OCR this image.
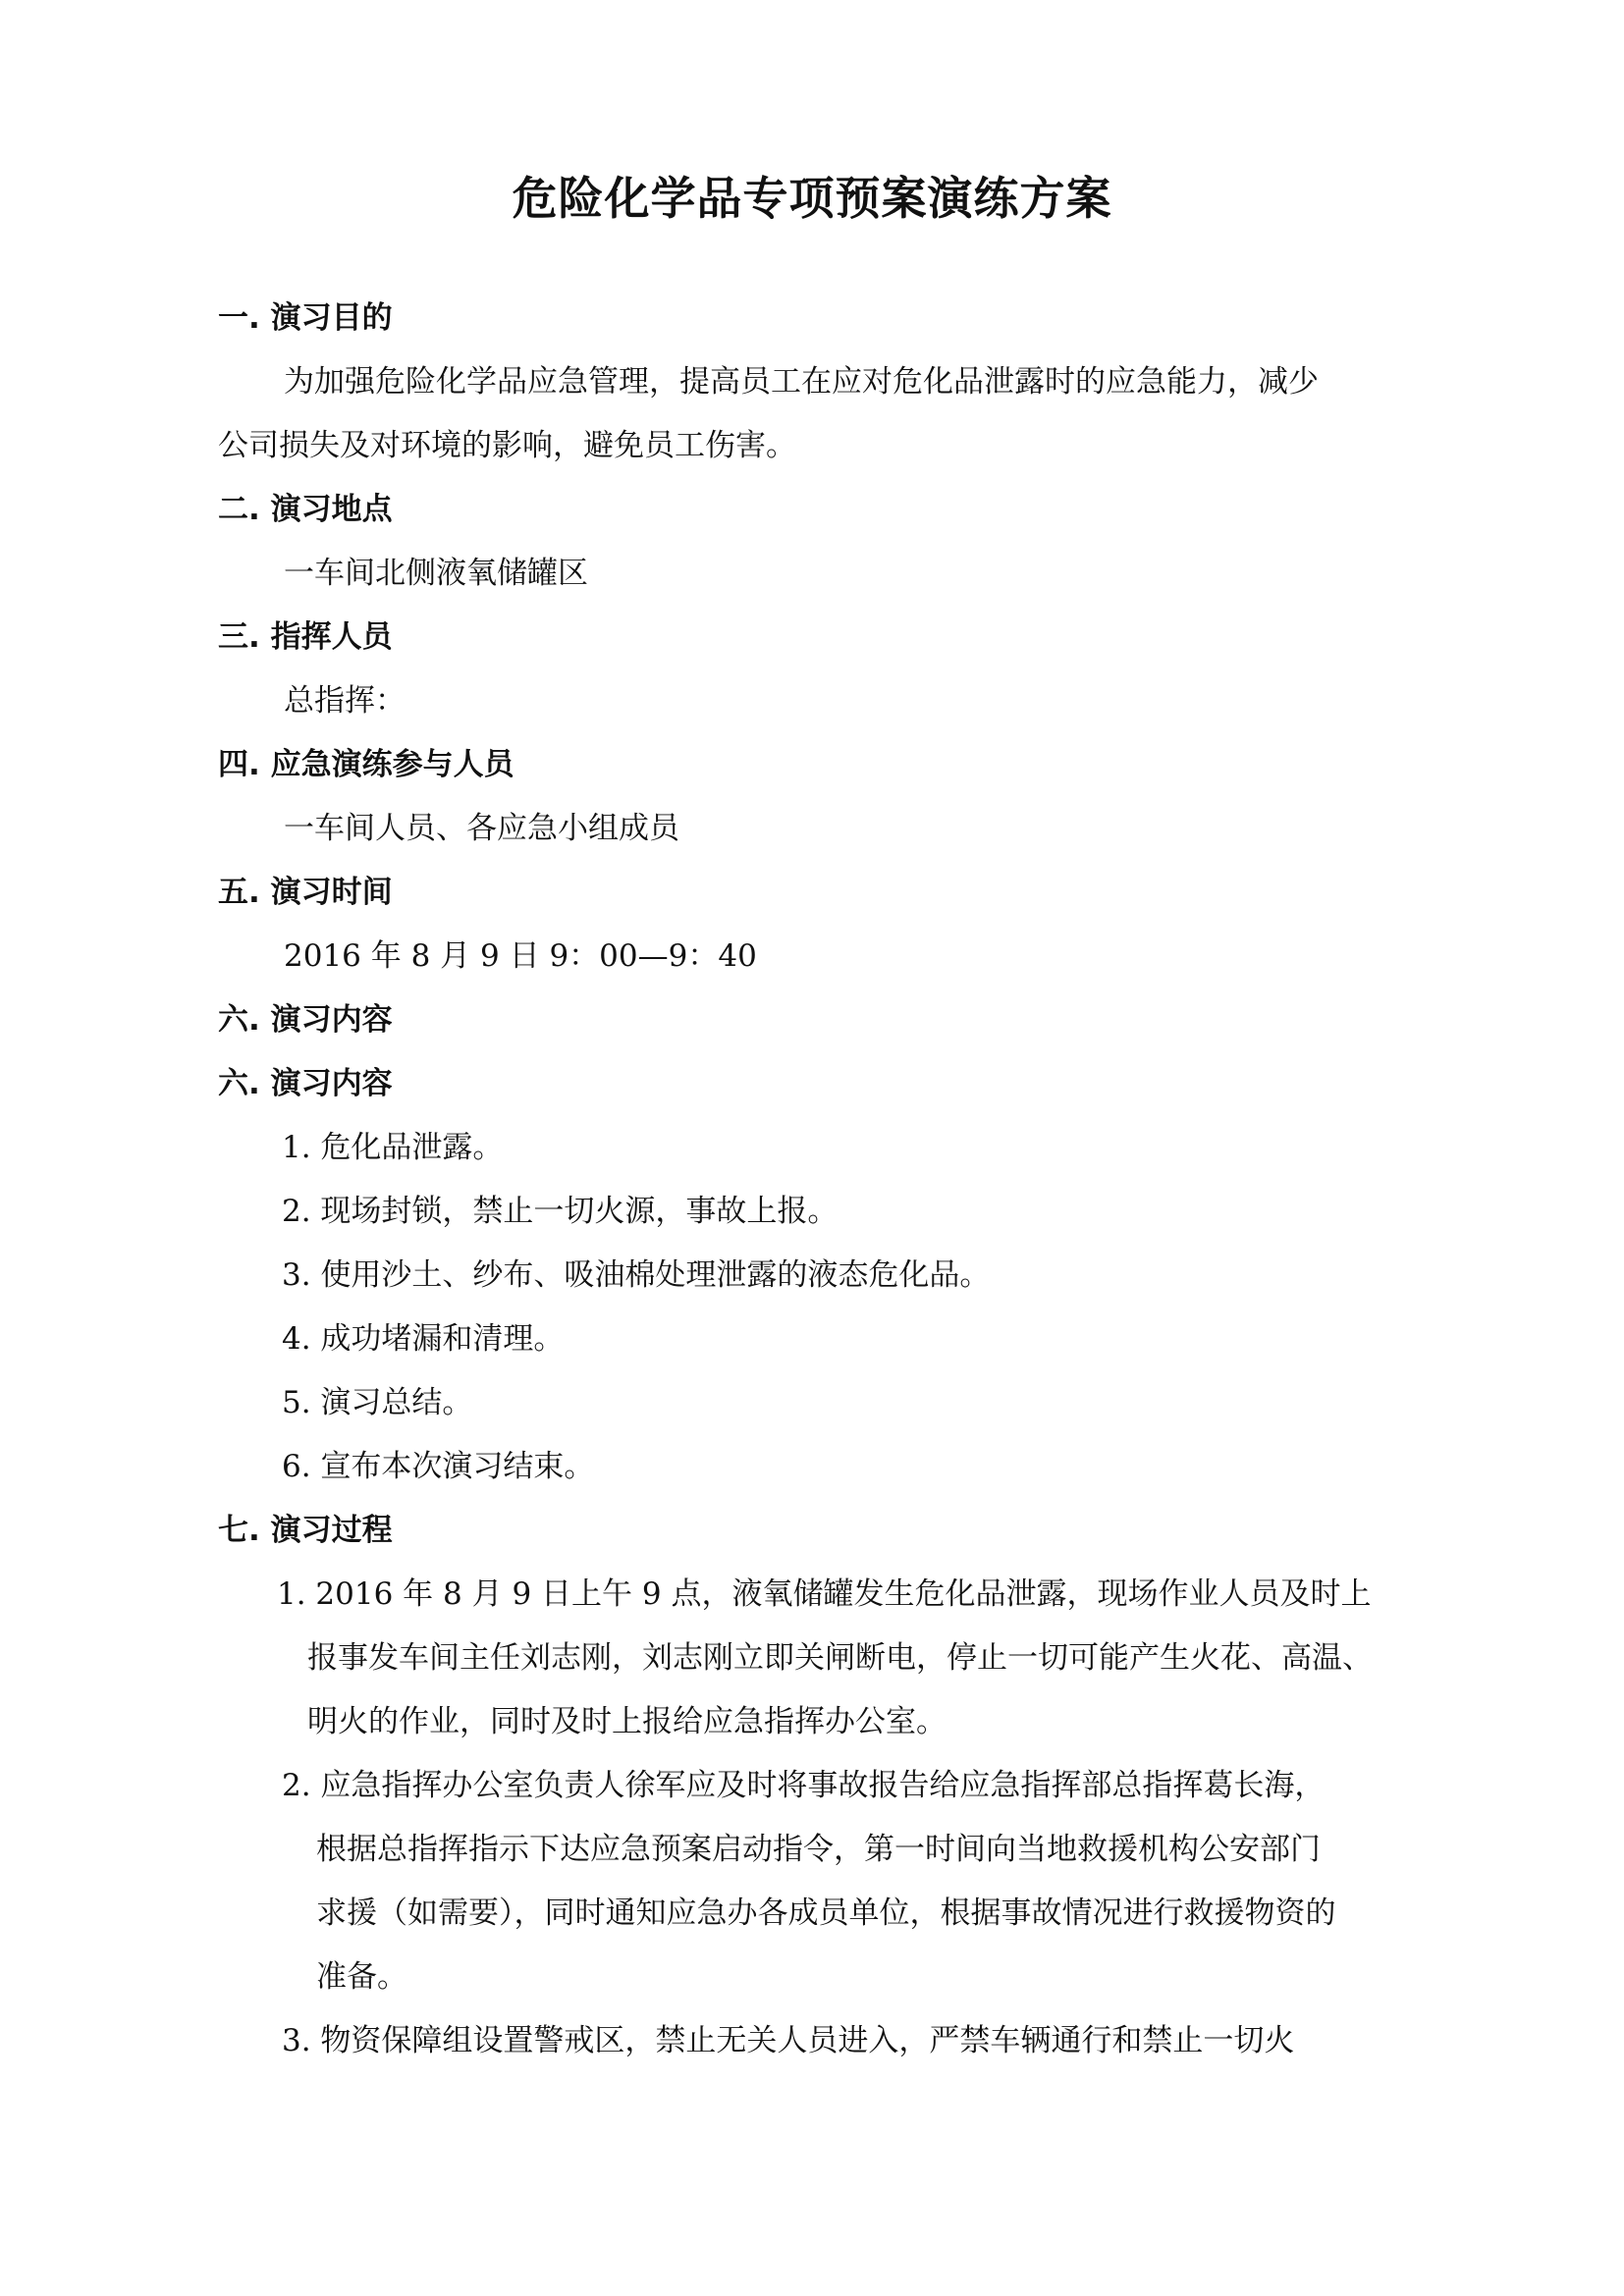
危险化学品专项预案演练方案
一. 演习目的
为加强危险化学品应急管理，提高员工在应对危化品泄露时的应急能力，减少
公司损失及对环境的影响，避免员工伤害。
二. 演习地点
一车间北侧液氧储罐区
三. 指挥人员
总指挥：
四. 应急演练参与人员
一车间人员、各应急小组成员
五. 演习时间
2016 年 8 月 9 日 9：00—9：40
六. 演习内容
六. 演习内容
1. 危化品泄露。
2. 现场封锁，禁止一切火源，事故上报。
3. 使用沙土、纱布、吸油棉处理泄露的液态危化品。
4. 成功堵漏和清理。
5. 演习总结。
6. 宣布本次演习结束。
七. 演习过程
1. 2016 年 8 月 9 日上午 9 点，液氧储罐发生危化品泄露，现场作业人员及时上
报事发车间主任刘志刚，刘志刚立即关闸断电，停止一切可能产生火花、高温、
明火的作业，同时及时上报给应急指挥办公室。
2. 应急指挥办公室负责人徐军应及时将事故报告给应急指挥部总指挥葛长海，
根据总指挥指示下达应急预案启动指令，第一时间向当地救援机构公安部门
求援（如需要），同时通知应急办各成员单位，根据事故情况进行救援物资的
准备。
3. 物资保障组设置警戒区，禁止无关人员进入，严禁车辆通行和禁止一切火
